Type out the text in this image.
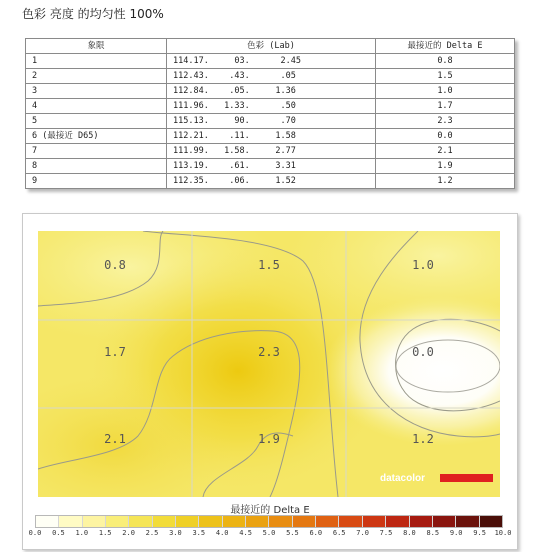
色彩 亮度 的均匀性 100%
象限	色彩 (Lab)	最接近的 Delta E
1	114.17.     03.      2.45	0.8
2	112.43.    .43.      .05	1.5
3	112.84.    .05.     1.36	1.0
4	111.96.   1.33.      .50	1.7
5	115.13.     90.      .70	2.3
6 (最接近 D65)	112.21.    .11.     1.58	0.0
7	111.99.   1.58.     2.77	2.1
8	113.19.    .61.     3.31	1.9
9	112.35.    .06.     1.52	1.2
0.8	1.5	1.0
1.7	2.3	0.0
2.1	1.9	1.2
datacolor
最接近的 Delta E
0.0 0.5 1.0 1.5 2.0 2.5 3.0 3.5 4.0 4.5 5.0 5.5 6.0 6.5 7.0 7.5 8.0 8.5 9.0 9.5 10.0
